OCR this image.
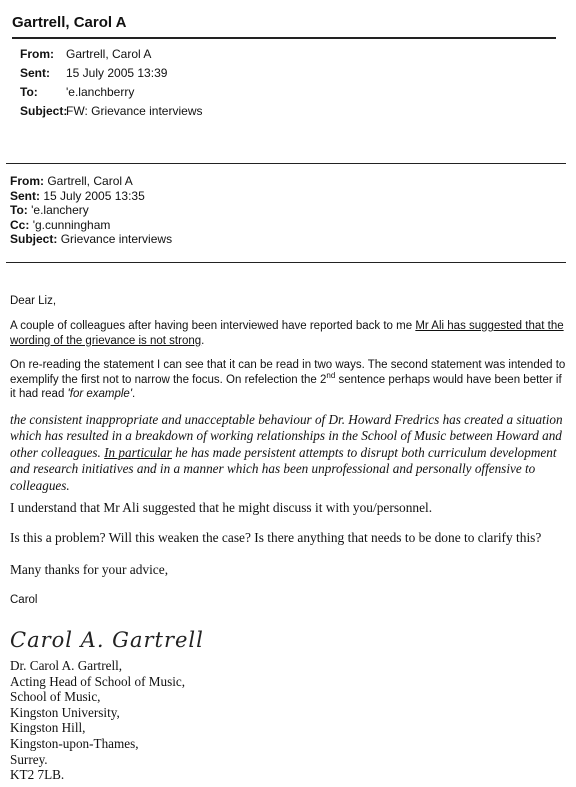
Gartrell, Carol A
From: Gartrell, Carol A
Sent: 15 July 2005 13:39
To: 'e.lanchberry
Subject:
FW: Grievance interviews
From: Gartrell, Carol A
Sent: 15 July 2005 13:35
To: 'e.lanchery
Cc: 'g.cunningham
Subject: Grievance interviews
Dear Liz,
A couple of colleagues after having been interviewed have reported back to me Mr Ali has suggested that the wording of the grievance is not strong.
On re-reading the statement I can see that it can be read in two ways. The second statement was intended to exemplify the first not to narrow the focus. On refelection the 2nd sentence perhaps would have been better if it had read 'for example'.
the consistent inappropriate and unacceptable behaviour of Dr. Howard Fredrics has created a situation which has resulted in a breakdown of working relationships in the School of Music between Howard and other colleagues. In particular he has made persistent attempts to disrupt both curriculum development and research initiatives and in a manner which has been unprofessional and personally offensive to colleagues.
I understand that Mr Ali suggested that he might discuss it with you/personnel.
Is this a problem? Will this weaken the case? Is there anything that needs to be done to clarify this?
Many thanks for your advice,
Carol
Carol A. Gartrell
Dr. Carol A. Gartrell,
Acting Head of School of Music,
School of Music,
Kingston University,
Kingston Hill,
Kingston-upon-Thames,
Surrey.
KT2 7LB.
